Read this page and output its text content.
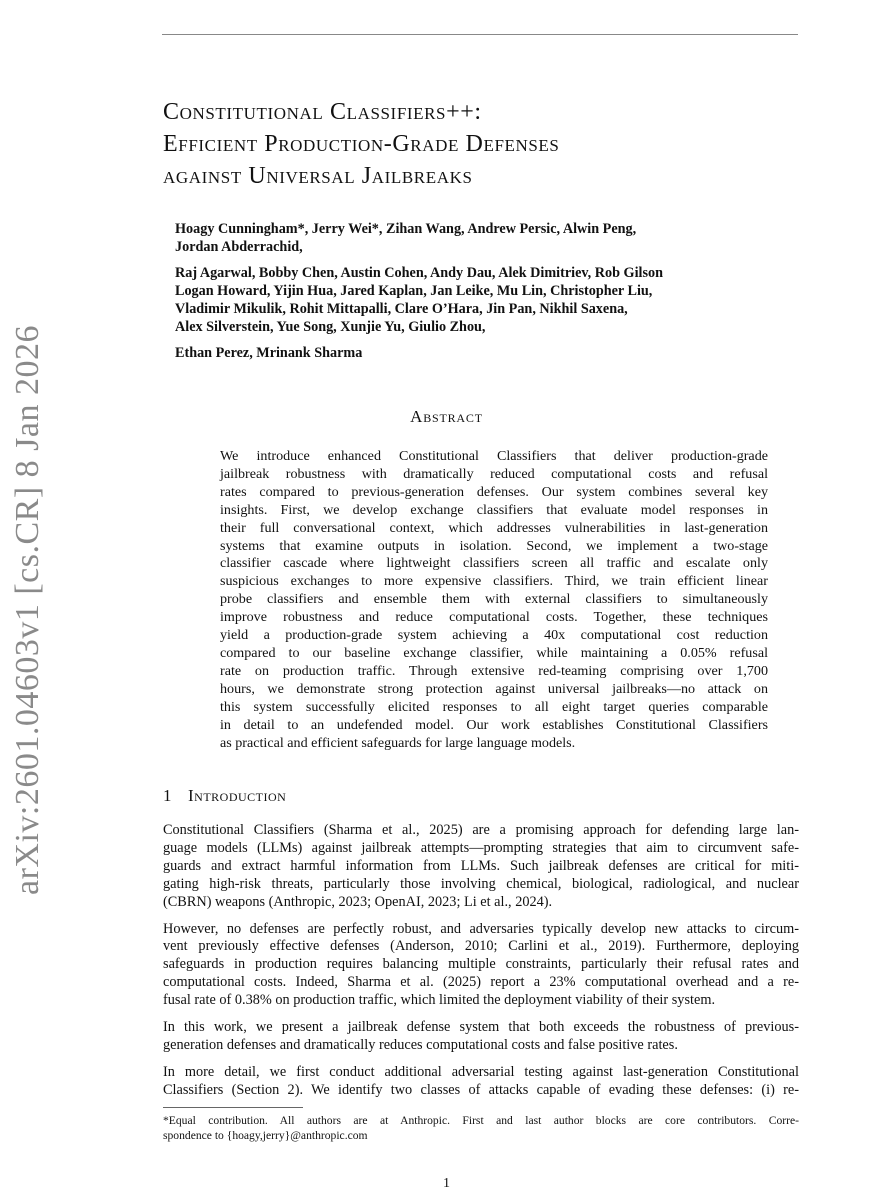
arXiv:2601.04603v1 [cs.CR] 8 Jan 2026
Constitutional Classifiers++:
Efficient Production-Grade Defenses
against Universal Jailbreaks
Hoagy Cunningham*, Jerry Wei*, Zihan Wang, Andrew Persic, Alwin Peng,
Jordan Abderrachid,
Raj Agarwal, Bobby Chen, Austin Cohen, Andy Dau, Alek Dimitriev, Rob Gilson
Logan Howard, Yijin Hua, Jared Kaplan, Jan Leike, Mu Lin, Christopher Liu,
Vladimir Mikulik, Rohit Mittapalli, Clare O’Hara, Jin Pan, Nikhil Saxena,
Alex Silverstein, Yue Song, Xunjie Yu, Giulio Zhou,
Ethan Perez, Mrinank Sharma
Abstract
We introduce enhanced Constitutional Classifiers that deliver production-grade
jailbreak robustness with dramatically reduced computational costs and refusal
rates compared to previous-generation defenses. Our system combines several key
insights. First, we develop exchange classifiers that evaluate model responses in
their full conversational context, which addresses vulnerabilities in last-generation
systems that examine outputs in isolation. Second, we implement a two-stage
classifier cascade where lightweight classifiers screen all traffic and escalate only
suspicious exchanges to more expensive classifiers. Third, we train efficient linear
probe classifiers and ensemble them with external classifiers to simultaneously
improve robustness and reduce computational costs. Together, these techniques
yield a production-grade system achieving a 40x computational cost reduction
compared to our baseline exchange classifier, while maintaining a 0.05% refusal
rate on production traffic. Through extensive red-teaming comprising over 1,700
hours, we demonstrate strong protection against universal jailbreaks—no attack on
this system successfully elicited responses to all eight target queries comparable
in detail to an undefended model. Our work establishes Constitutional Classifiers
as practical and efficient safeguards for large language models.
1 Introduction
Constitutional Classifiers (Sharma et al., 2025) are a promising approach for defending large lan-
guage models (LLMs) against jailbreak attempts—prompting strategies that aim to circumvent safe-
guards and extract harmful information from LLMs. Such jailbreak defenses are critical for miti-
gating high-risk threats, particularly those involving chemical, biological, radiological, and nuclear
(CBRN) weapons (Anthropic, 2023; OpenAI, 2023; Li et al., 2024).
However, no defenses are perfectly robust, and adversaries typically develop new attacks to circum-
vent previously effective defenses (Anderson, 2010; Carlini et al., 2019). Furthermore, deploying
safeguards in production requires balancing multiple constraints, particularly their refusal rates and
computational costs. Indeed, Sharma et al. (2025) report a 23% computational overhead and a re-
fusal rate of 0.38% on production traffic, which limited the deployment viability of their system.
In this work, we present a jailbreak defense system that both exceeds the robustness of previous-
generation defenses and dramatically reduces computational costs and false positive rates.
In more detail, we first conduct additional adversarial testing against last-generation Constitutional
Classifiers (Section 2). We identify two classes of attacks capable of evading these defenses: (i) re-
*Equal contribution. All authors are at Anthropic. First and last author blocks are core contributors. Corre-
spondence to {hoagy,jerry}@anthropic.com
1
